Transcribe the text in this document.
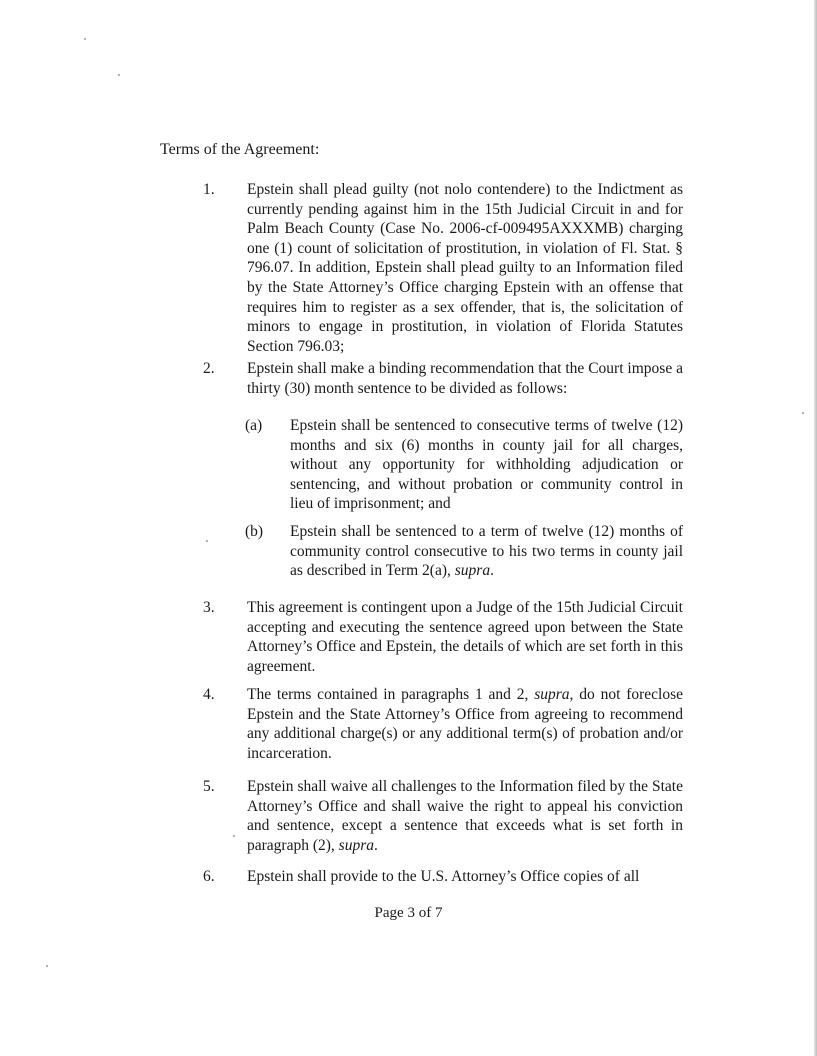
Terms of the Agreement:

1. Epstein shall plead guilty (not nolo contendere) to the Indictment as currently pending against him in the 15th Judicial Circuit in and for Palm Beach County (Case No. 2006-cf-009495AXXXMB) charging one (1) count of solicitation of prostitution, in violation of Fl. Stat. § 796.07. In addition, Epstein shall plead guilty to an Information filed by the State Attorney’s Office charging Epstein with an offense that requires him to register as a sex offender, that is, the solicitation of minors to engage in prostitution, in violation of Florida Statutes Section 796.03;
2. Epstein shall make a binding recommendation that the Court impose a thirty (30) month sentence to be divided as follows:
(a) Epstein shall be sentenced to consecutive terms of twelve (12) months and six (6) months in county jail for all charges, without any opportunity for withholding adjudication or sentencing, and without probation or community control in lieu of imprisonment; and
(b) Epstein shall be sentenced to a term of twelve (12) months of community control consecutive to his two terms in county jail as described in Term 2(a), supra.
3. This agreement is contingent upon a Judge of the 15th Judicial Circuit accepting and executing the sentence agreed upon between the State Attorney’s Office and Epstein, the details of which are set forth in this agreement.
4. The terms contained in paragraphs 1 and 2, supra, do not foreclose Epstein and the State Attorney’s Office from agreeing to recommend any additional charge(s) or any additional term(s) of probation and/or incarceration.
5. Epstein shall waive all challenges to the Information filed by the State Attorney’s Office and shall waive the right to appeal his conviction and sentence, except a sentence that exceeds what is set forth in paragraph (2), supra.
6. Epstein shall provide to the U.S. Attorney’s Office copies of all
Page 3 of 7
